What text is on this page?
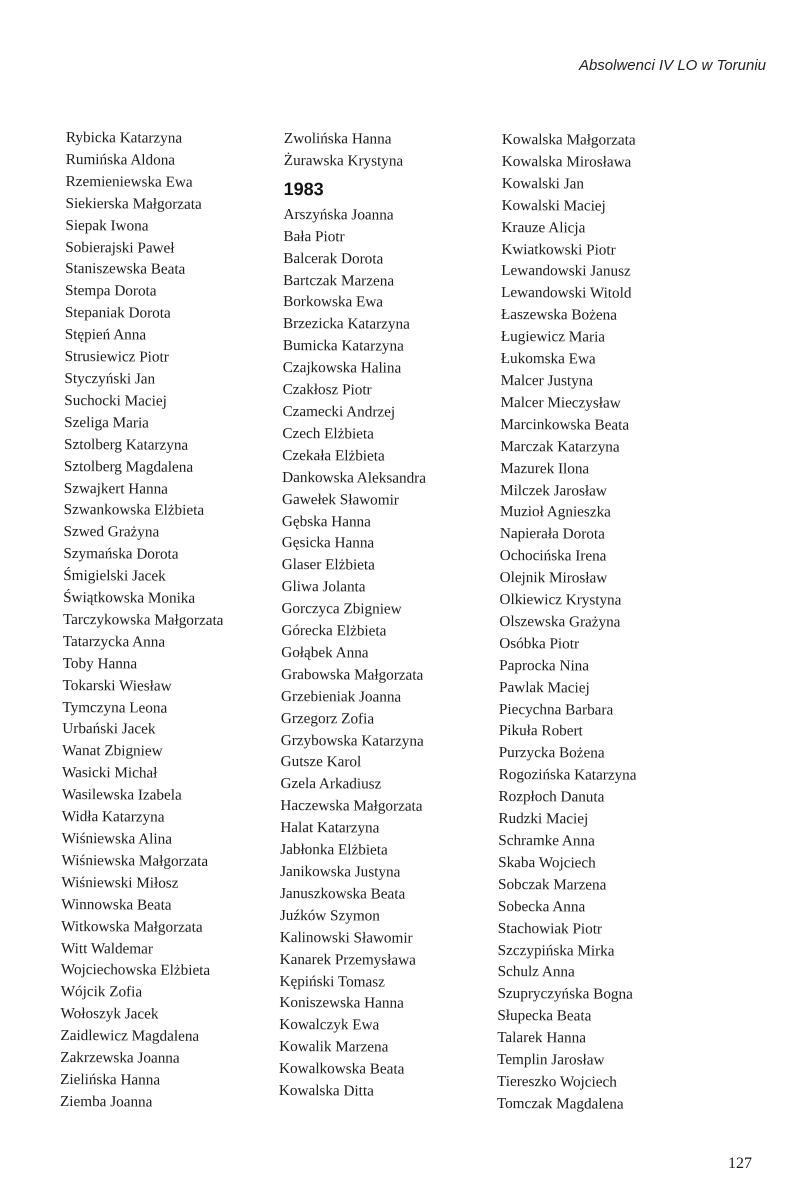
Absolwenci IV LO w Toruniu
Rybicka Katarzyna
Rumińska Aldona
Rzemieniewska Ewa
Siekierska Małgorzata
Siepak Iwona
Sobierajski Paweł
Staniszewska Beata
Stempa Dorota
Stepaniak Dorota
Stępień Anna
Strusiewicz Piotr
Styczyński Jan
Suchocki Maciej
Szeliga Maria
Sztolberg Katarzyna
Sztolberg Magdalena
Szwajkert Hanna
Szwankowska Elżbieta
Szwed Grażyna
Szymańska Dorota
Śmigielski Jacek
Świątkowska Monika
Tarczykowska Małgorzata
Tatarzycka Anna
Toby Hanna
Tokarski Wiesław
Tymczyna Leona
Urbański Jacek
Wanat Zbigniew
Wasicki Michał
Wasilewska Izabela
Widła Katarzyna
Wiśniewska Alina
Wiśniewska Małgorzata
Wiśniewski Miłosz
Winnowska Beata
Witkowska Małgorzata
Witt Waldemar
Wojciechowska Elżbieta
Wójcik Zofia
Wołoszyk Jacek
Zaidlewicz Magdalena
Zakrzewska Joanna
Zielińska Hanna
Ziemba Joanna
Zwolińska Hanna
Żurawska Krystyna
1983
Arszyńska Joanna
Bała Piotr
Balcerak Dorota
Bartczak Marzena
Borkowska Ewa
Brzezicka Katarzyna
Bumicka Katarzyna
Czajkowska Halina
Czakłosz Piotr
Czamecki Andrzej
Czech Elżbieta
Czekała Elżbieta
Dankowska Aleksandra
Gawełek Sławomir
Gębska Hanna
Gęsicka Hanna
Glaser Elżbieta
Gliwa Jolanta
Gorczyca Zbigniew
Górecka Elżbieta
Gołąbek Anna
Grabowska Małgorzata
Grzebieniak Joanna
Grzegorz Zofia
Grzybowska Katarzyna
Gutsze Karol
Gzela Arkadiusz
Haczewska Małgorzata
Halat Katarzyna
Jabłonka Elżbieta
Janikowska Justyna
Januszkowska Beata
Juźków Szymon
Kalinowski Sławomir
Kanarek Przemysława
Kępiński Tomasz
Koniszewska Hanna
Kowalczyk Ewa
Kowalik Marzena
Kowalkowska Beata
Kowalska Ditta
Kowalska Małgorzata
Kowalska Mirosława
Kowalski Jan
Kowalski Maciej
Krauze Alicja
Kwiatkowski Piotr
Lewandowski Janusz
Lewandowski Witold
Łaszewska Bożena
Ługiewicz Maria
Łukomska Ewa
Malcer Justyna
Malcer Mieczysław
Marcinkowska Beata
Marczak Katarzyna
Mazurek Ilona
Milczek Jarosław
Muzioł Agnieszka
Napierała Dorota
Ochocińska Irena
Olejnik Mirosław
Olkiewicz Krystyna
Olszewska Grażyna
Osóbka Piotr
Paprocka Nina
Pawlak Maciej
Piecychna Barbara
Pikuła Robert
Purzycka Bożena
Rogozińska Katarzyna
Rozpłoch Danuta
Rudzki Maciej
Schramke Anna
Skaba Wojciech
Sobczak Marzena
Sobecka Anna
Stachowiak Piotr
Szczypińska Mirka
Schulz Anna
Szupryczyńska Bogna
Słupecka Beata
Talarek Hanna
Templin Jarosław
Tiereszko Wojciech
Tomczak Magdalena
127
